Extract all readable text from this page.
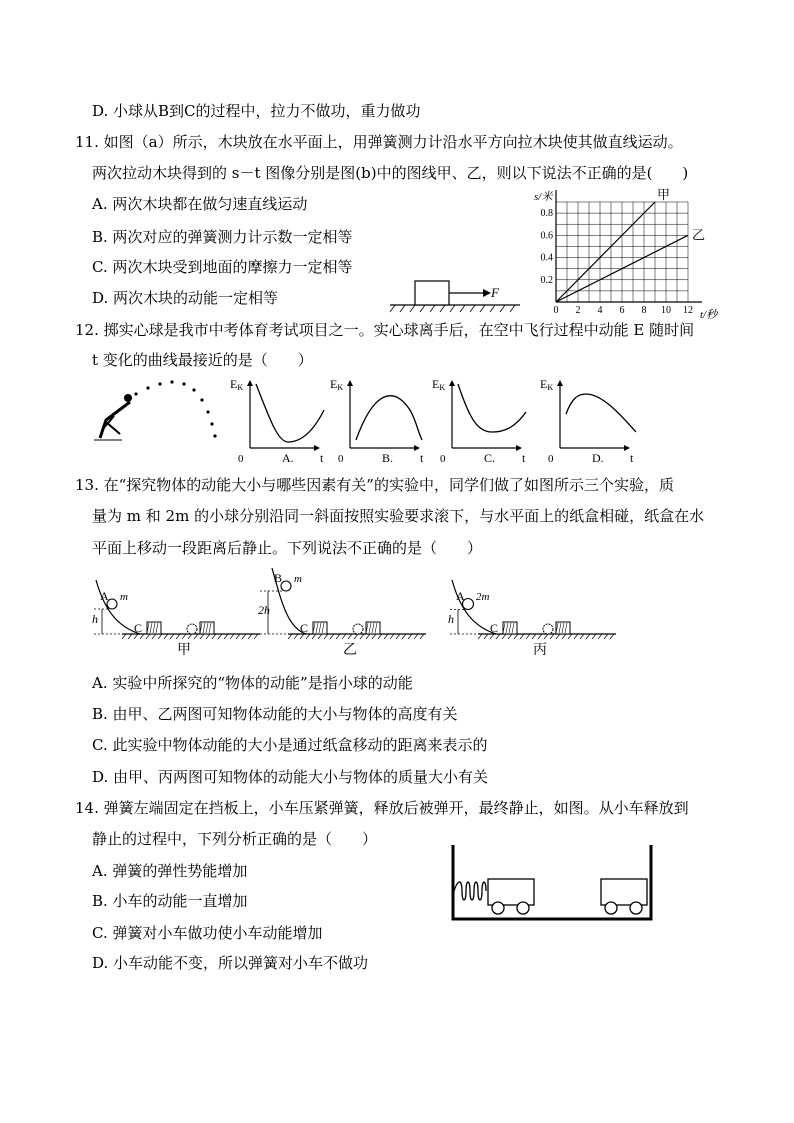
D. 小球从B到C的过程中，拉力不做功，重力做功
11. 如图（a）所示，木块放在水平面上，用弹簧测力计沿水平方向拉木块使其做直线运动。
两次拉动木块得到的 s－t 图像分别是图(b)中的图线甲、乙，则以下说法不正确的是(　　)
A. 两次木块都在做匀速直线运动
B. 两次对应的弹簧测力计示数一定相等
C. 两次木块受到地面的摩擦力一定相等
D. 两次木块的动能一定相等	F
甲
乙
0 2 4 6 8 10 12
0.2
0.4
0.6
0.8
s/米
t/秒
12. 掷实心球是我市中考体育考试项目之一。实心球离手后，在空中飞行过程中动能 E 随时间
t 变化的曲线最接近的是（　　）
EK
0	t
A.
EK
0	t
B.
EK
0	t
C.
EK
0	t
D.
13. 在“探究物体的动能大小与哪些因素有关”的实验中，同学们做了如图所示三个实验，质
量为 m 和 2m 的小球分别沿同一斜面按照实验要求滚下，与水平面上的纸盒相碰，纸盒在水
平面上移动一段距离后静止。下列说法不正确的是（　　）
A m
h
C
甲
B m
2h
C
乙
A 2m
h
C
丙
A. 实验中所探究的“物体的动能”是指小球的动能
B. 由甲、乙两图可知物体动能的大小与物体的高度有关
C. 此实验中物体动能的大小是通过纸盒移动的距离来表示的
D. 由甲、丙两图可知物体的动能大小与物体的质量大小有关
14. 弹簧左端固定在挡板上，小车压紧弹簧，释放后被弹开，最终静止，如图。从小车释放到
静止的过程中，下列分析正确的是（　　）
A. 弹簧的弹性势能增加
B. 小车的动能一直增加
C. 弹簧对小车做功使小车动能增加
D. 小车动能不变，所以弹簧对小车不做功
